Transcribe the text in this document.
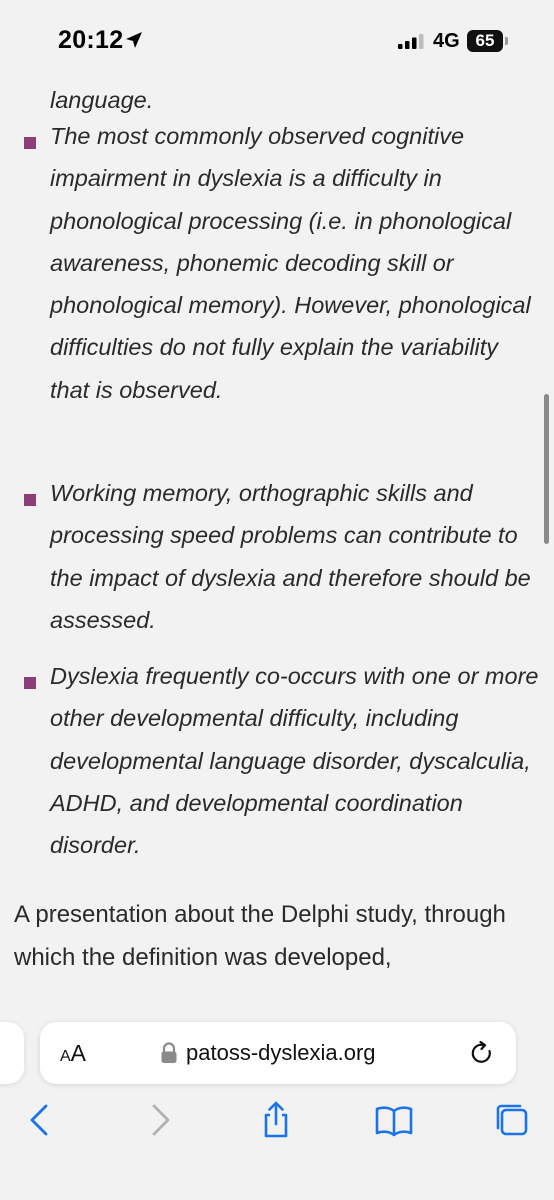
20:12	4G 65
language.
The most commonly observed cognitive impairment in dyslexia is a difficulty in phonological processing (i.e. in phonological awareness, phonemic decoding skill or phonological memory). However, phonological difficulties do not fully explain the variability that is observed.
Working memory, orthographic skills and processing speed problems can contribute to the impact of dyslexia and therefore should be assessed.
Dyslexia frequently co-occurs with one or more other developmental difficulty, including developmental language disorder, dyscalculia, ADHD, and developmental coordination disorder.

A presentation about the Delphi study, through which the definition was developed,

AA	patoss-dyslexia.org
